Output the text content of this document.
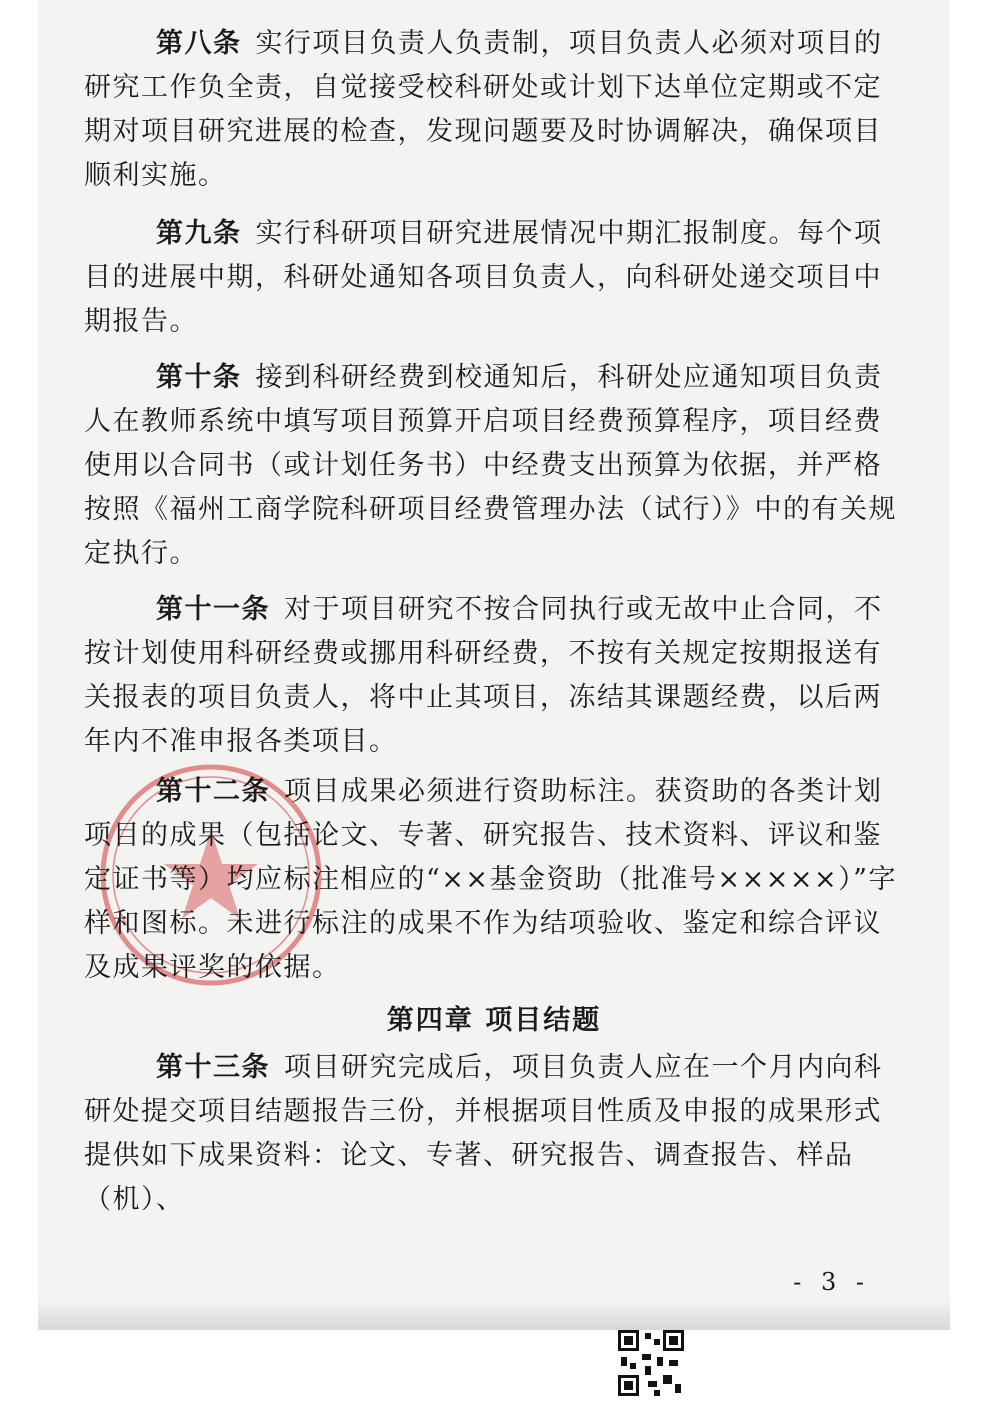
第八条 实行项目负责人负责制，项目负责人必须对项目的研究工作负全责，自觉接受校科研处或计划下达单位定期或不定期对项目研究进展的检查，发现问题要及时协调解决，确保项目顺利实施。

第九条 实行科研项目研究进展情况中期汇报制度。每个项目的进展中期，科研处通知各项目负责人，向科研处递交项目中期报告。

第十条 接到科研经费到校通知后，科研处应通知项目负责人在教师系统中填写项目预算开启项目经费预算程序，项目经费使用以合同书（或计划任务书）中经费支出预算为依据，并严格按照《福州工商学院科研项目经费管理办法（试行）》中的有关规定执行。

第十一条 对于项目研究不按合同执行或无故中止合同，不按计划使用科研经费或挪用科研经费，不按有关规定按期报送有关报表的项目负责人，将中止其项目，冻结其课题经费，以后两年内不准申报各类项目。

第十二条 项目成果必须进行资助标注。获资助的各类计划项目的成果（包括论文、专著、研究报告、技术资料、评议和鉴定证书等）均应标注相应的“××基金资助（批准号×××××）”字样和图标。未进行标注的成果不作为结项验收、鉴定和综合评议及成果评奖的依据。

第四章 项目结题

第十三条 项目研究完成后，项目负责人应在一个月内向科研处提交项目结题报告三份，并根据项目性质及申报的成果形式提供如下成果资料：论文、专著、研究报告、调查报告、样品（机）、

- 3 -
